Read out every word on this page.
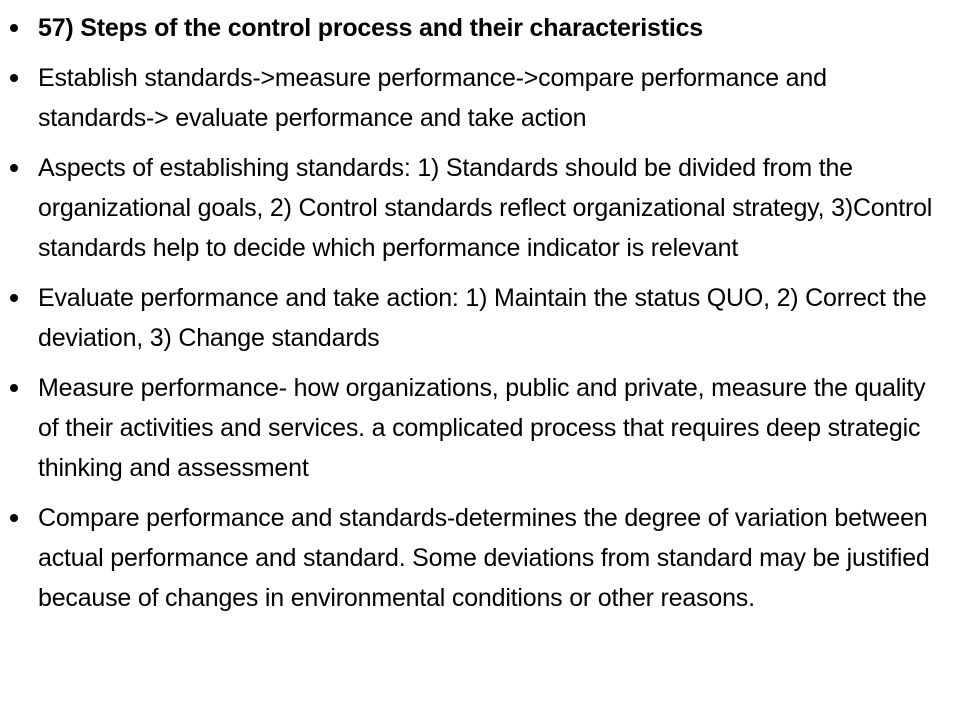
57) Steps of the control process and their characteristics
Establish standards->measure performance->compare performance and standards-> evaluate performance and take action
Aspects of establishing standards: 1) Standards should be divided from the organizational goals, 2) Control standards reflect organizational strategy, 3)Control standards help to decide which performance indicator is relevant
Evaluate performance and take action: 1) Maintain the status QUO, 2) Correct the deviation, 3) Change standards
Measure performance- how organizations, public and private, measure the quality of their activities and services. a complicated process that requires deep strategic thinking and assessment
Compare performance and standards-determines the degree of variation between actual performance and standard. Some deviations from standard may be justified because of changes in environmental conditions or other reasons.
